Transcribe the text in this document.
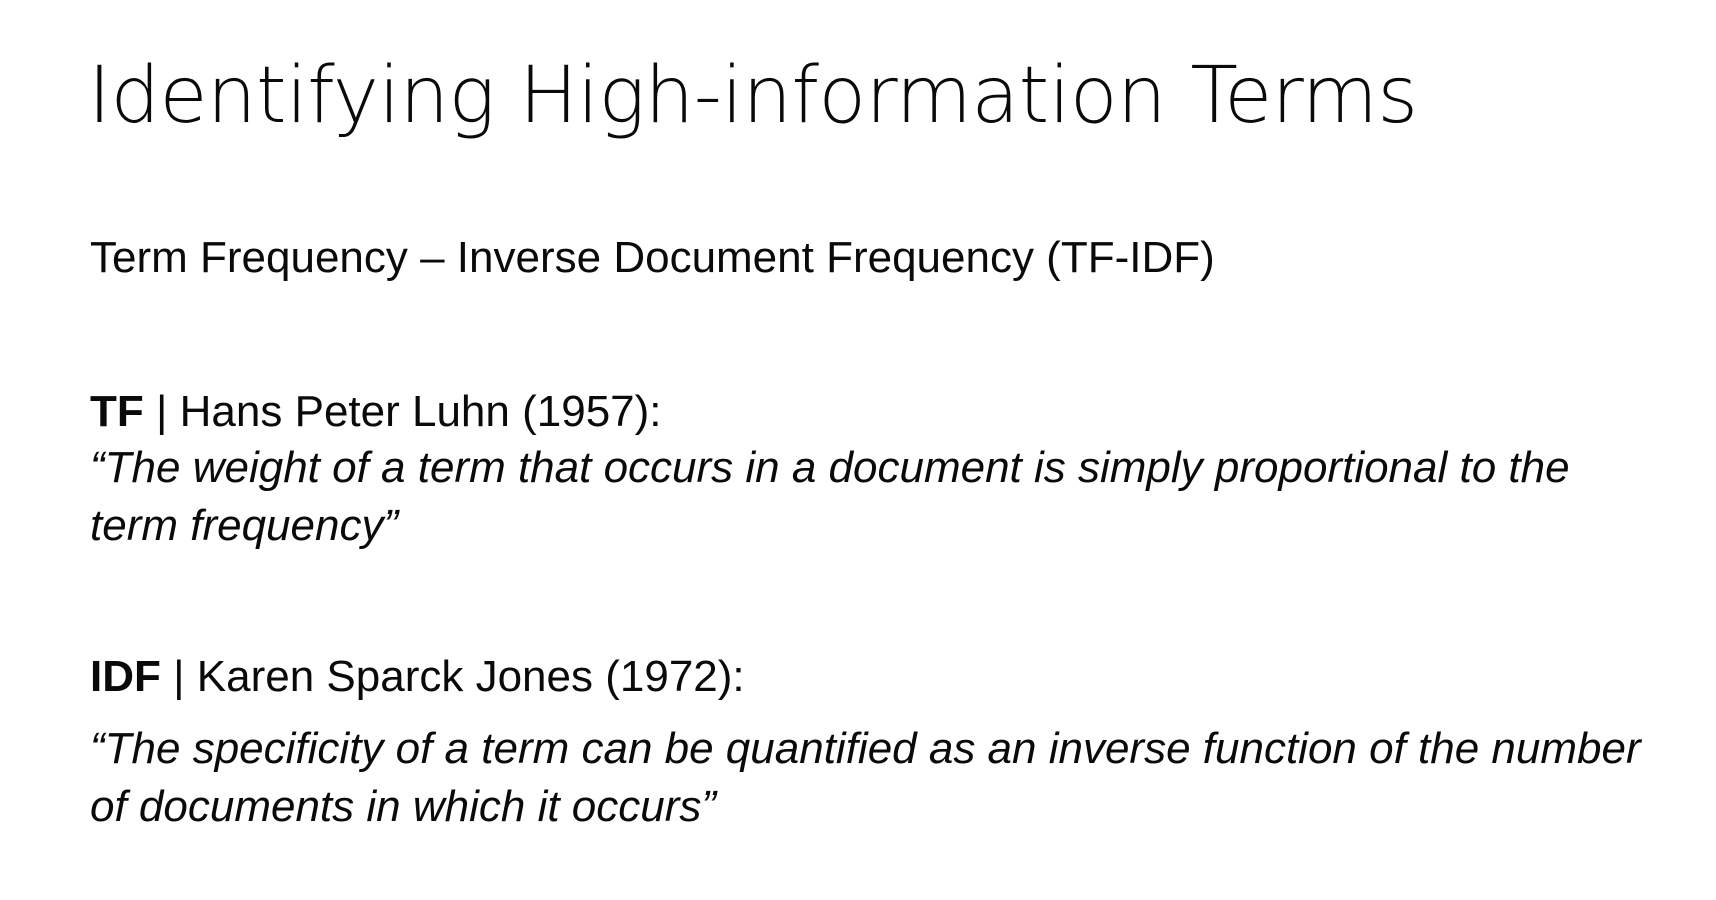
Identifying High-information Terms

Term Frequency – Inverse Document Frequency (TF-IDF)

TF | Hans Peter Luhn (1957):

“The weight of a term that occurs in a document is simply proportional to the term frequency”

IDF | Karen Sparck Jones (1972):

“The specificity of a term can be quantified as an inverse function of the number of documents in which it occurs”
